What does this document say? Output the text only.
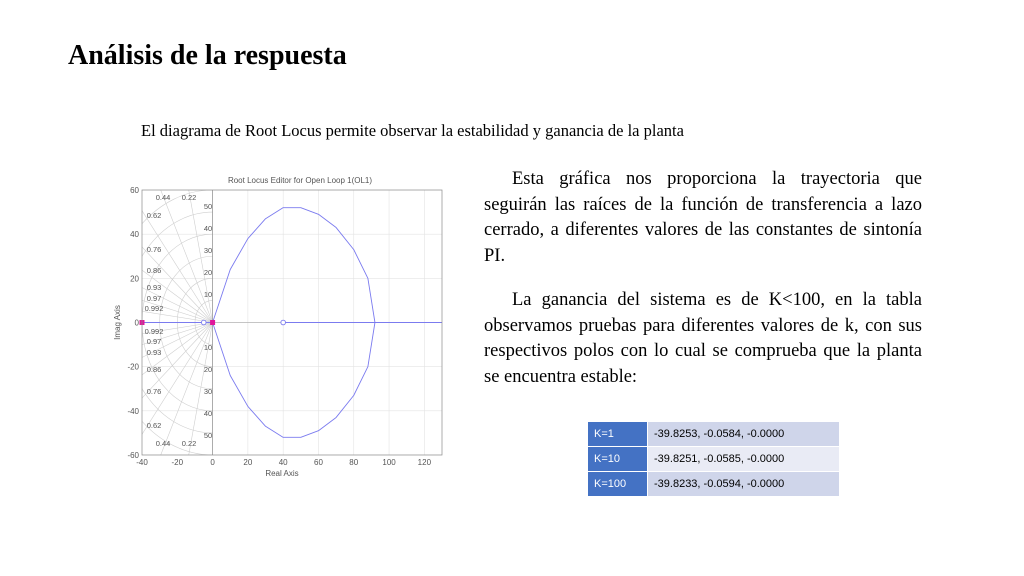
Análisis de la respuesta
El diagrama de Root Locus permite observar la estabilidad y ganancia de la planta
0.44 0.22
0.62
0.76
0.86
0.93
0.97
0.992
0.992
0.97
0.93
0.86
0.76
0.62
0.44 0.22
50
40
30
20
10
10
20
30
40
50
-40	-20	0	20	40	60	80	100	120
60
40
20
0
-20
-40
-60
Root Locus Editor for Open Loop 1(OL1)
Real Axis
Imag Axis

Esta gráfica nos proporciona la trayectoria que seguirán las raíces de la función de transferencia a lazo cerrado, a diferentes valores de las constantes de sintonía PI.

La ganancia del sistema es de K<100, en la tabla observamos pruebas para diferentes valores de k, con sus respectivos polos con lo cual se comprueba que la planta se encuentra estable:

K=1	-39.8253, -0.0584, -0.0000
K=10	-39.8251, -0.0585, -0.0000
K=100	-39.8233, -0.0594, -0.0000
